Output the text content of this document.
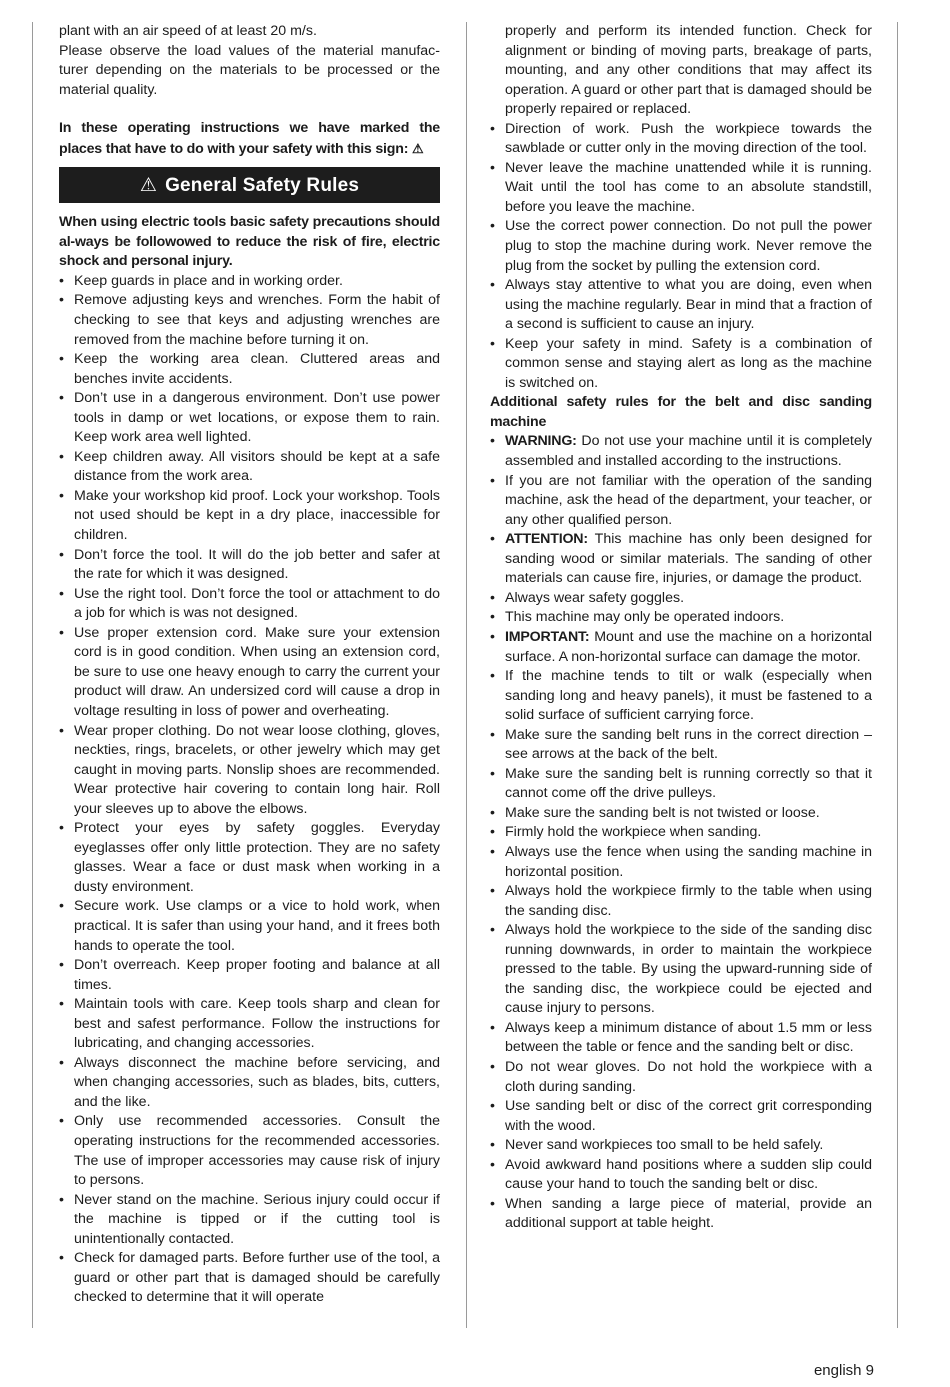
plant with an air speed of at least 20 m/s.

Please observe the load values of the material manufac-turer depending on the materials to be processed or the material quality.

In these operating instructions we have marked the places that have to do with your safety with this sign: ⚠

⚠ General Safety Rules

When using electric tools basic safety precautions should al-ways be followowed to reduce the risk of fire, electric shock and personal injury.

• Keep guards in place and in working order.
• Remove adjusting keys and wrenches. Form the habit of checking to see that keys and adjusting wrenches are removed from the machine before turning it on.
• Keep the working area clean. Cluttered areas and benches invite accidents.
• Don’t use in a dangerous environment. Don’t use power tools in damp or wet locations, or expose them to rain. Keep work area well lighted.
• Keep children away. All visitors should be kept at a safe distance from the work area.
• Make your workshop kid proof. Lock your workshop. Tools not used should be kept in a dry place, inaccessible for children.
• Don’t force the tool. It will do the job better and safer at the rate for which it was designed.
• Use the right tool. Don’t force the tool or attachment to do a job for which is was not designed.
• Use proper extension cord. Make sure your extension cord is in good condition. When using an extension cord, be sure to use one heavy enough to carry the current your product will draw. An undersized cord will cause a drop in voltage resulting in loss of power and overheating.
• Wear proper clothing. Do not wear loose clothing, gloves, neckties, rings, bracelets, or other jewelry which may get caught in moving parts. Nonslip shoes are recommended. Wear protective hair covering to contain long hair. Roll your sleeves up to above the elbows.
• Protect your eyes by safety goggles. Everyday eyeglasses offer only little protection. They are no safety glasses. Wear a face or dust mask when working in a dusty environment.
• Secure work. Use clamps or a vice to hold work, when practical. It is safer than using your hand, and it frees both hands to operate the tool.
• Don’t overreach. Keep proper footing and balance at all times.
• Maintain tools with care. Keep tools sharp and clean for best and safest performance. Follow the instructions for lubricating, and changing accessories.
• Always disconnect the machine before servicing, and when changing accessories, such as blades, bits, cutters, and the like.
• Only use recommended accessories. Consult the operating instructions for the recommended accessories. The use of improper accessories may cause risk of injury to persons.
• Never stand on the machine. Serious injury could occur if the machine is tipped or if the cutting tool is unintentionally contacted.
• Check for damaged parts. Before further use of the tool, a guard or other part that is damaged should be carefully checked to determine that it will operate

properly and perform its intended function. Check for alignment or binding of moving parts, breakage of parts, mounting, and any other conditions that may affect its operation. A guard or other part that is damaged should be properly repaired or replaced.

• Direction of work. Push the workpiece towards the sawblade or cutter only in the moving direction of the tool.
• Never leave the machine unattended while it is running. Wait until the tool has come to an absolute standstill, before you leave the machine.
• Use the correct power connection. Do not pull the power plug to stop the machine during work. Never remove the plug from the socket by pulling the extension cord.
• Always stay attentive to what you are doing, even when using the machine regularly. Bear in mind that a fraction of a second is sufficient to cause an injury.
• Keep your safety in mind. Safety is a combination of common sense and staying alert as long as the machine is switched on.

Additional safety rules for the belt and disc sanding machine

• WARNING: Do not use your machine until it is completely assembled and installed according to the instructions.
• If you are not familiar with the operation of the sanding machine, ask the head of the department, your teacher, or any other qualified person.
• ATTENTION: This machine has only been designed for sanding wood or similar materials. The sanding of other materials can cause fire, injuries, or damage the product.
• Always wear safety goggles.
• This machine may only be operated indoors.
• IMPORTANT: Mount and use the machine on a horizontal surface. A non-horizontal surface can damage the motor.
• If the machine tends to tilt or walk (especially when sanding long and heavy panels), it must be fastened to a solid surface of sufficient carrying force.
• Make sure the sanding belt runs in the correct direction – see arrows at the back of the belt.
• Make sure the sanding belt is running correctly so that it cannot come off the drive pulleys.
• Make sure the sanding belt is not twisted or loose.
• Firmly hold the workpiece when sanding.
• Always use the fence when using the sanding machine in horizontal position.
• Always hold the workpiece firmly to the table when using the sanding disc.
• Always hold the workpiece to the side of the sanding disc running downwards, in order to maintain the workpiece pressed to the table. By using the upward-running side of the sanding disc, the workpiece could be ejected and cause injury to persons.
• Always keep a minimum distance of about 1.5 mm or less between the table or fence and the sanding belt or disc.
• Do not wear gloves. Do not hold the workpiece with a cloth during sanding.
• Use sanding belt or disc of the correct grit corresponding with the wood.
• Never sand workpieces too small to be held safely.
• Avoid awkward hand positions where a sudden slip could cause your hand to touch the sanding belt or disc.
• When sanding a large piece of material, provide an additional support at table height.
english 9
